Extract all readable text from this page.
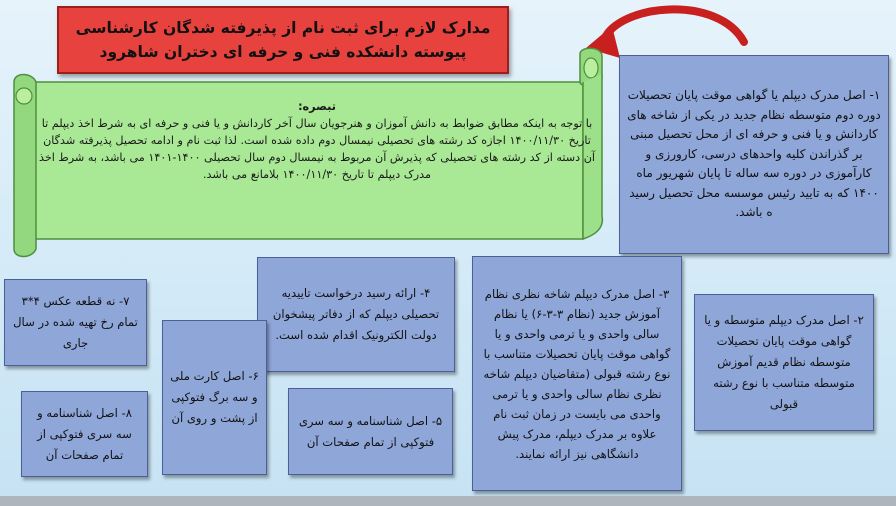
مدارک لازم برای ثبت نام از پذیرفته شدگان کارشناسی پیوسته دانشکده فنی و حرفه ای دختران شاهرود
تبصره:
با توجه به اینکه مطابق ضوابط به دانش آموزان و هنرجویان سال آخر کاردانش و یا فنی و حرفه ای به شرط اخذ دیپلم تا تاریخ ۱۴۰۰/۱۱/۳۰ اجازه کد رشته های تحصیلی نیمسال دوم داده شده است. لذا ثبت نام و ادامه تحصیل پذیرفته شدگان آن دسته از کد رشته های تحصیلی که پذیرش آن مربوط به نیمسال دوم سال تحصیلی ۱۴۰۰-۱۴۰۱ می باشد، به شرط اخذ مدرک دیپلم تا تاریخ ۱۴۰۰/۱۱/۳۰ بلامانع می باشد.
۱- اصل مدرک دیپلم یا گواهی موقت پایان تحصیلات دوره دوم متوسطه نظام جدید در یکی از شاخه های کاردانش و یا فنی و حرفه ای از محل تحصیل مبنی بر گذراندن کلیه واحدهای درسی، کارورزی و کارآموزی در دوره سه ساله تا پایان شهریور ماه ۱۴۰۰ که به تایید رئیس موسسه محل تحصیل رسید ه باشد.
۲- اصل مدرک دیپلم متوسطه و یا گواهی موقت پایان تحصیلات متوسطه نظام قدیم آموزش متوسطه متناسب با نوع رشته قبولی
۳- اصل مدرک دیپلم شاخه نظری نظام آموزش جدید (نظام ۳-۳-۶) یا نظام سالی واحدی و یا ترمی واحدی و یا گواهی موقت پایان تحصیلات متناسب با نوع رشته قبولی (متقاضیان دیپلم شاخه نظری نظام سالی واحدی و یا ترمی واحدی می بایست در زمان ثبت نام علاوه بر مدرک دیپلم، مدرک پیش دانشگاهی نیز ارائه نمایند.
۴- ارائه رسید درخواست تاییدیه تحصیلی دیپلم که از دفاتر پیشخوان دولت الکترونیک اقدام شده است.
۵- اصل شناسنامه و سه سری فتوکپی از تمام صفحات آن
۶- اصل کارت ملی و سه برگ فتوکپی از پشت و روی آن
۷- نه قطعه عکس ۴*۳ تمام رخ تهیه شده در سال جاری
۸- اصل شناسنامه و سه سری فتوکپی از تمام صفحات آن
